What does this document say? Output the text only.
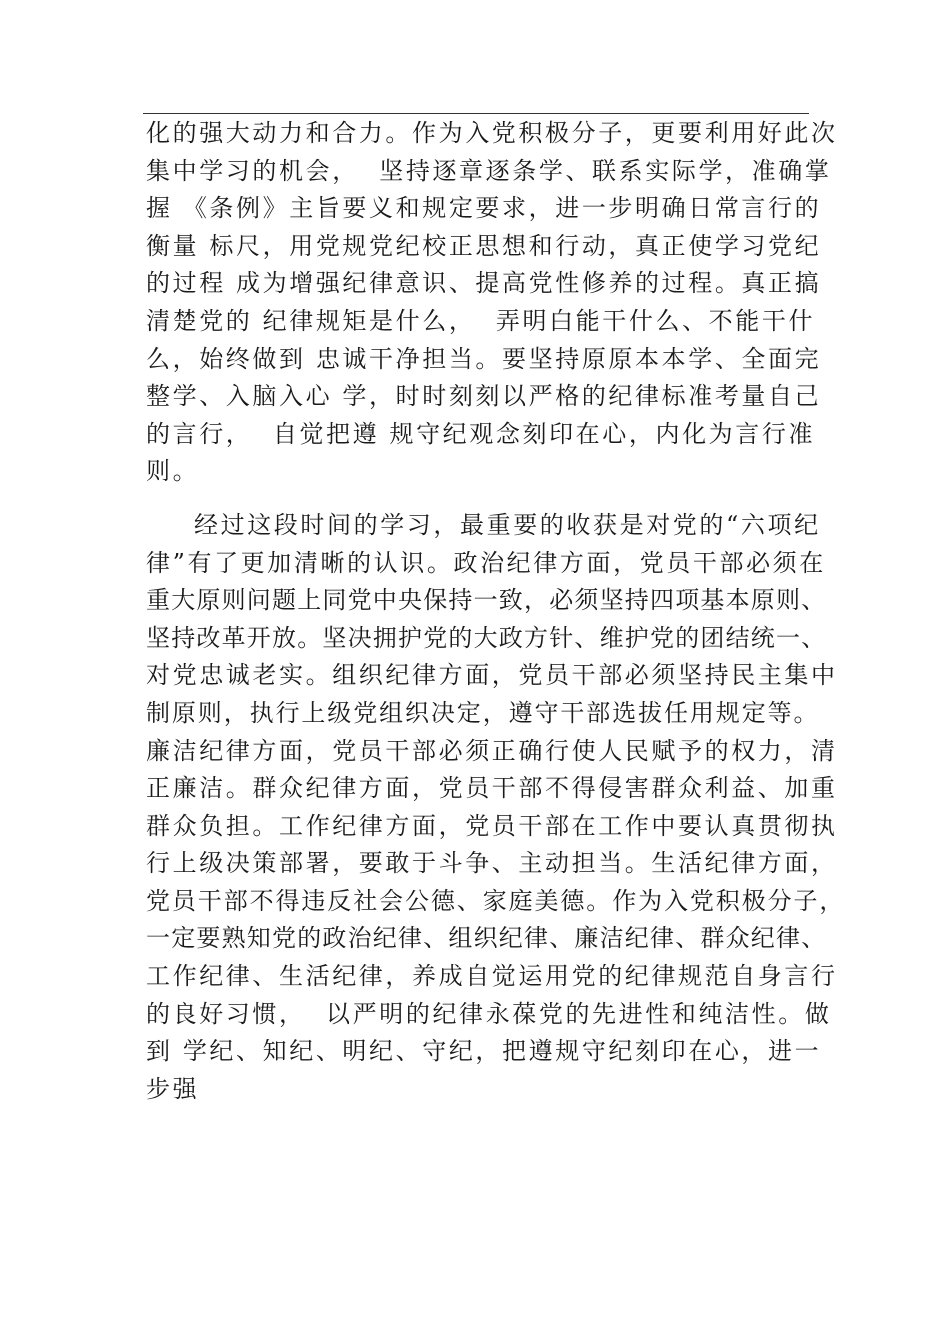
化的强大动力和合力。作为入党积极分子，更要利用好此次
集中学习的机会，  坚持逐章逐条学、联系实际学，准确掌
握 《条例》主旨要义和规定要求，进一步明确日常言行的
衡量 标尺，用党规党纪校正思想和行动，真正使学习党纪
的过程 成为增强纪律意识、提高党性修养的过程。真正搞
清楚党的 纪律规矩是什么，  弄明白能干什么、不能干什
么，始终做到 忠诚干净担当。要坚持原原本本学、全面完
整学、入脑入心 学，时时刻刻以严格的纪律标准考量自己
的言行，  自觉把遵 规守纪观念刻印在心，内化为言行准
则。
经过这段时间的学习，最重要的收获是对党的“六项纪
律”有了更加清晰的认识。政治纪律方面，党员干部必须在
重大原则问题上同党中央保持一致，必须坚持四项基本原则、
坚持改革开放。坚决拥护党的大政方针、维护党的团结统一、
对党忠诚老实。组织纪律方面，党员干部必须坚持民主集中
制原则，执行上级党组织决定，遵守干部选拔任用规定等。
廉洁纪律方面，党员干部必须正确行使人民赋予的权力，清
正廉洁。群众纪律方面，党员干部不得侵害群众利益、加重
群众负担。工作纪律方面，党员干部在工作中要认真贯彻执
行上级决策部署，要敢于斗争、主动担当。生活纪律方面，
党员干部不得违反社会公德、家庭美德。作为入党积极分子，
一定要熟知党的政治纪律、组织纪律、廉洁纪律、群众纪律、
工作纪律、生活纪律，养成自觉运用党的纪律规范自身言行
的良好习惯，  以严明的纪律永葆党的先进性和纯洁性。做
到 学纪、知纪、明纪、守纪，把遵规守纪刻印在心，进一
步强
